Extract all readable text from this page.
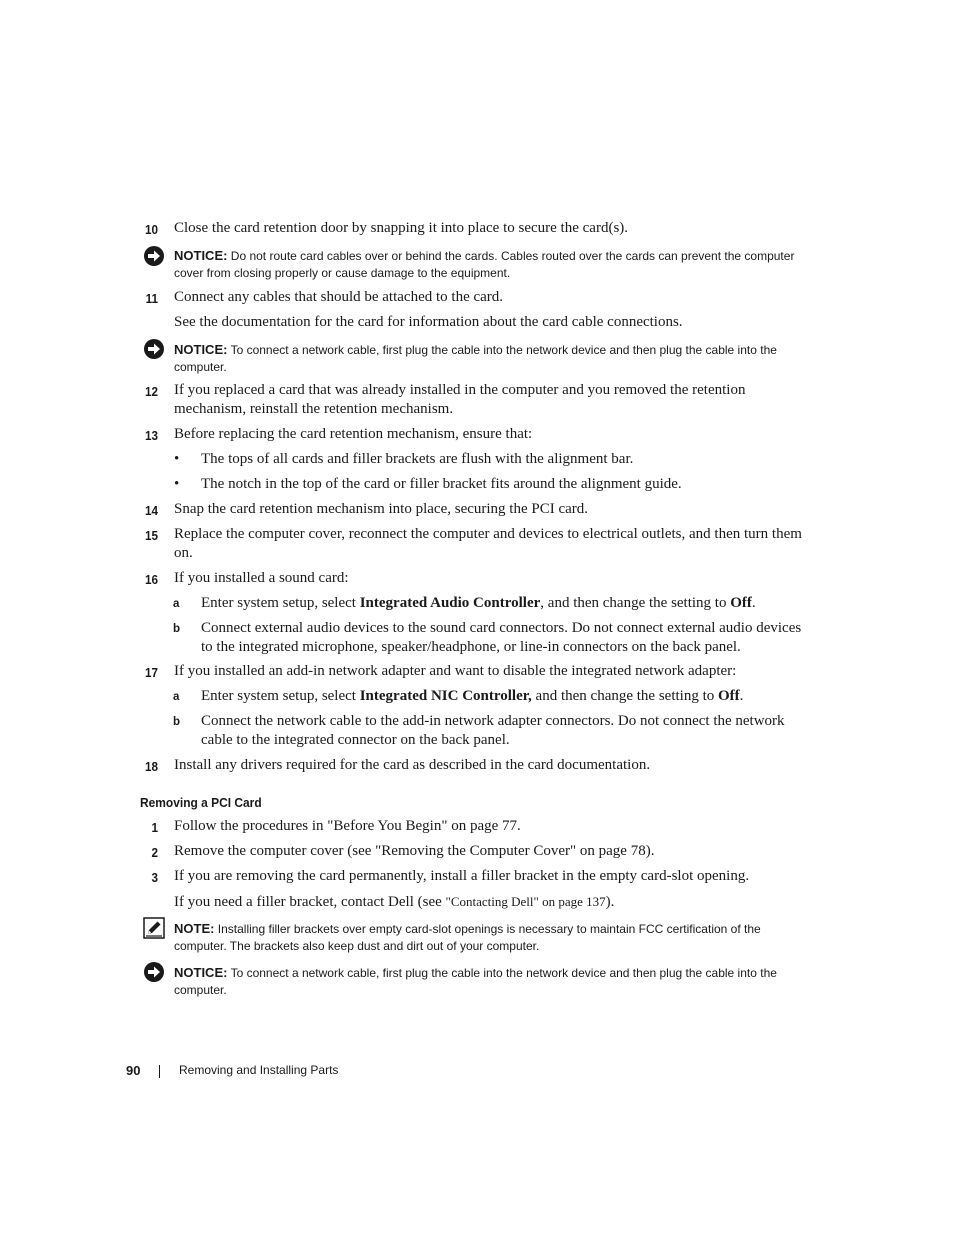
10 Close the card retention door by snapping it into place to secure the card(s).
NOTICE: Do not route card cables over or behind the cards. Cables routed over the cards can prevent the computer cover from closing properly or cause damage to the equipment.
11 Connect any cables that should be attached to the card.
See the documentation for the card for information about the card cable connections.
NOTICE: To connect a network cable, first plug the cable into the network device and then plug the cable into the computer.
12 If you replaced a card that was already installed in the computer and you removed the retention mechanism, reinstall the retention mechanism.
13 Before replacing the card retention mechanism, ensure that:
•	The tops of all cards and filler brackets are flush with the alignment bar.
•	The notch in the top of the card or filler bracket fits around the alignment guide.
14 Snap the card retention mechanism into place, securing the PCI card.
15 Replace the computer cover, reconnect the computer and devices to electrical outlets, and then turn them on.
16 If you installed a sound card:
a	Enter system setup, select Integrated Audio Controller, and then change the setting to Off.
b	Connect external audio devices to the sound card connectors. Do not connect external audio devices to the integrated microphone, speaker/headphone, or line-in connectors on the back panel.
17 If you installed an add-in network adapter and want to disable the integrated network adapter:
a	Enter system setup, select Integrated NIC Controller, and then change the setting to Off.
b	Connect the network cable to the add-in network adapter connectors. Do not connect the network cable to the integrated connector on the back panel.
18 Install any drivers required for the card as described in the card documentation.
Removing a PCI Card
1 Follow the procedures in "Before You Begin" on page 77.
2 Remove the computer cover (see "Removing the Computer Cover" on page 78).
3 If you are removing the card permanently, install a filler bracket in the empty card-slot opening.
If you need a filler bracket, contact Dell (see "Contacting Dell" on page 137).
NOTE: Installing filler brackets over empty card-slot openings is necessary to maintain FCC certification of the computer. The brackets also keep dust and dirt out of your computer.
NOTICE: To connect a network cable, first plug the cable into the network device and then plug the cable into the computer.
90	Removing and Installing Parts
